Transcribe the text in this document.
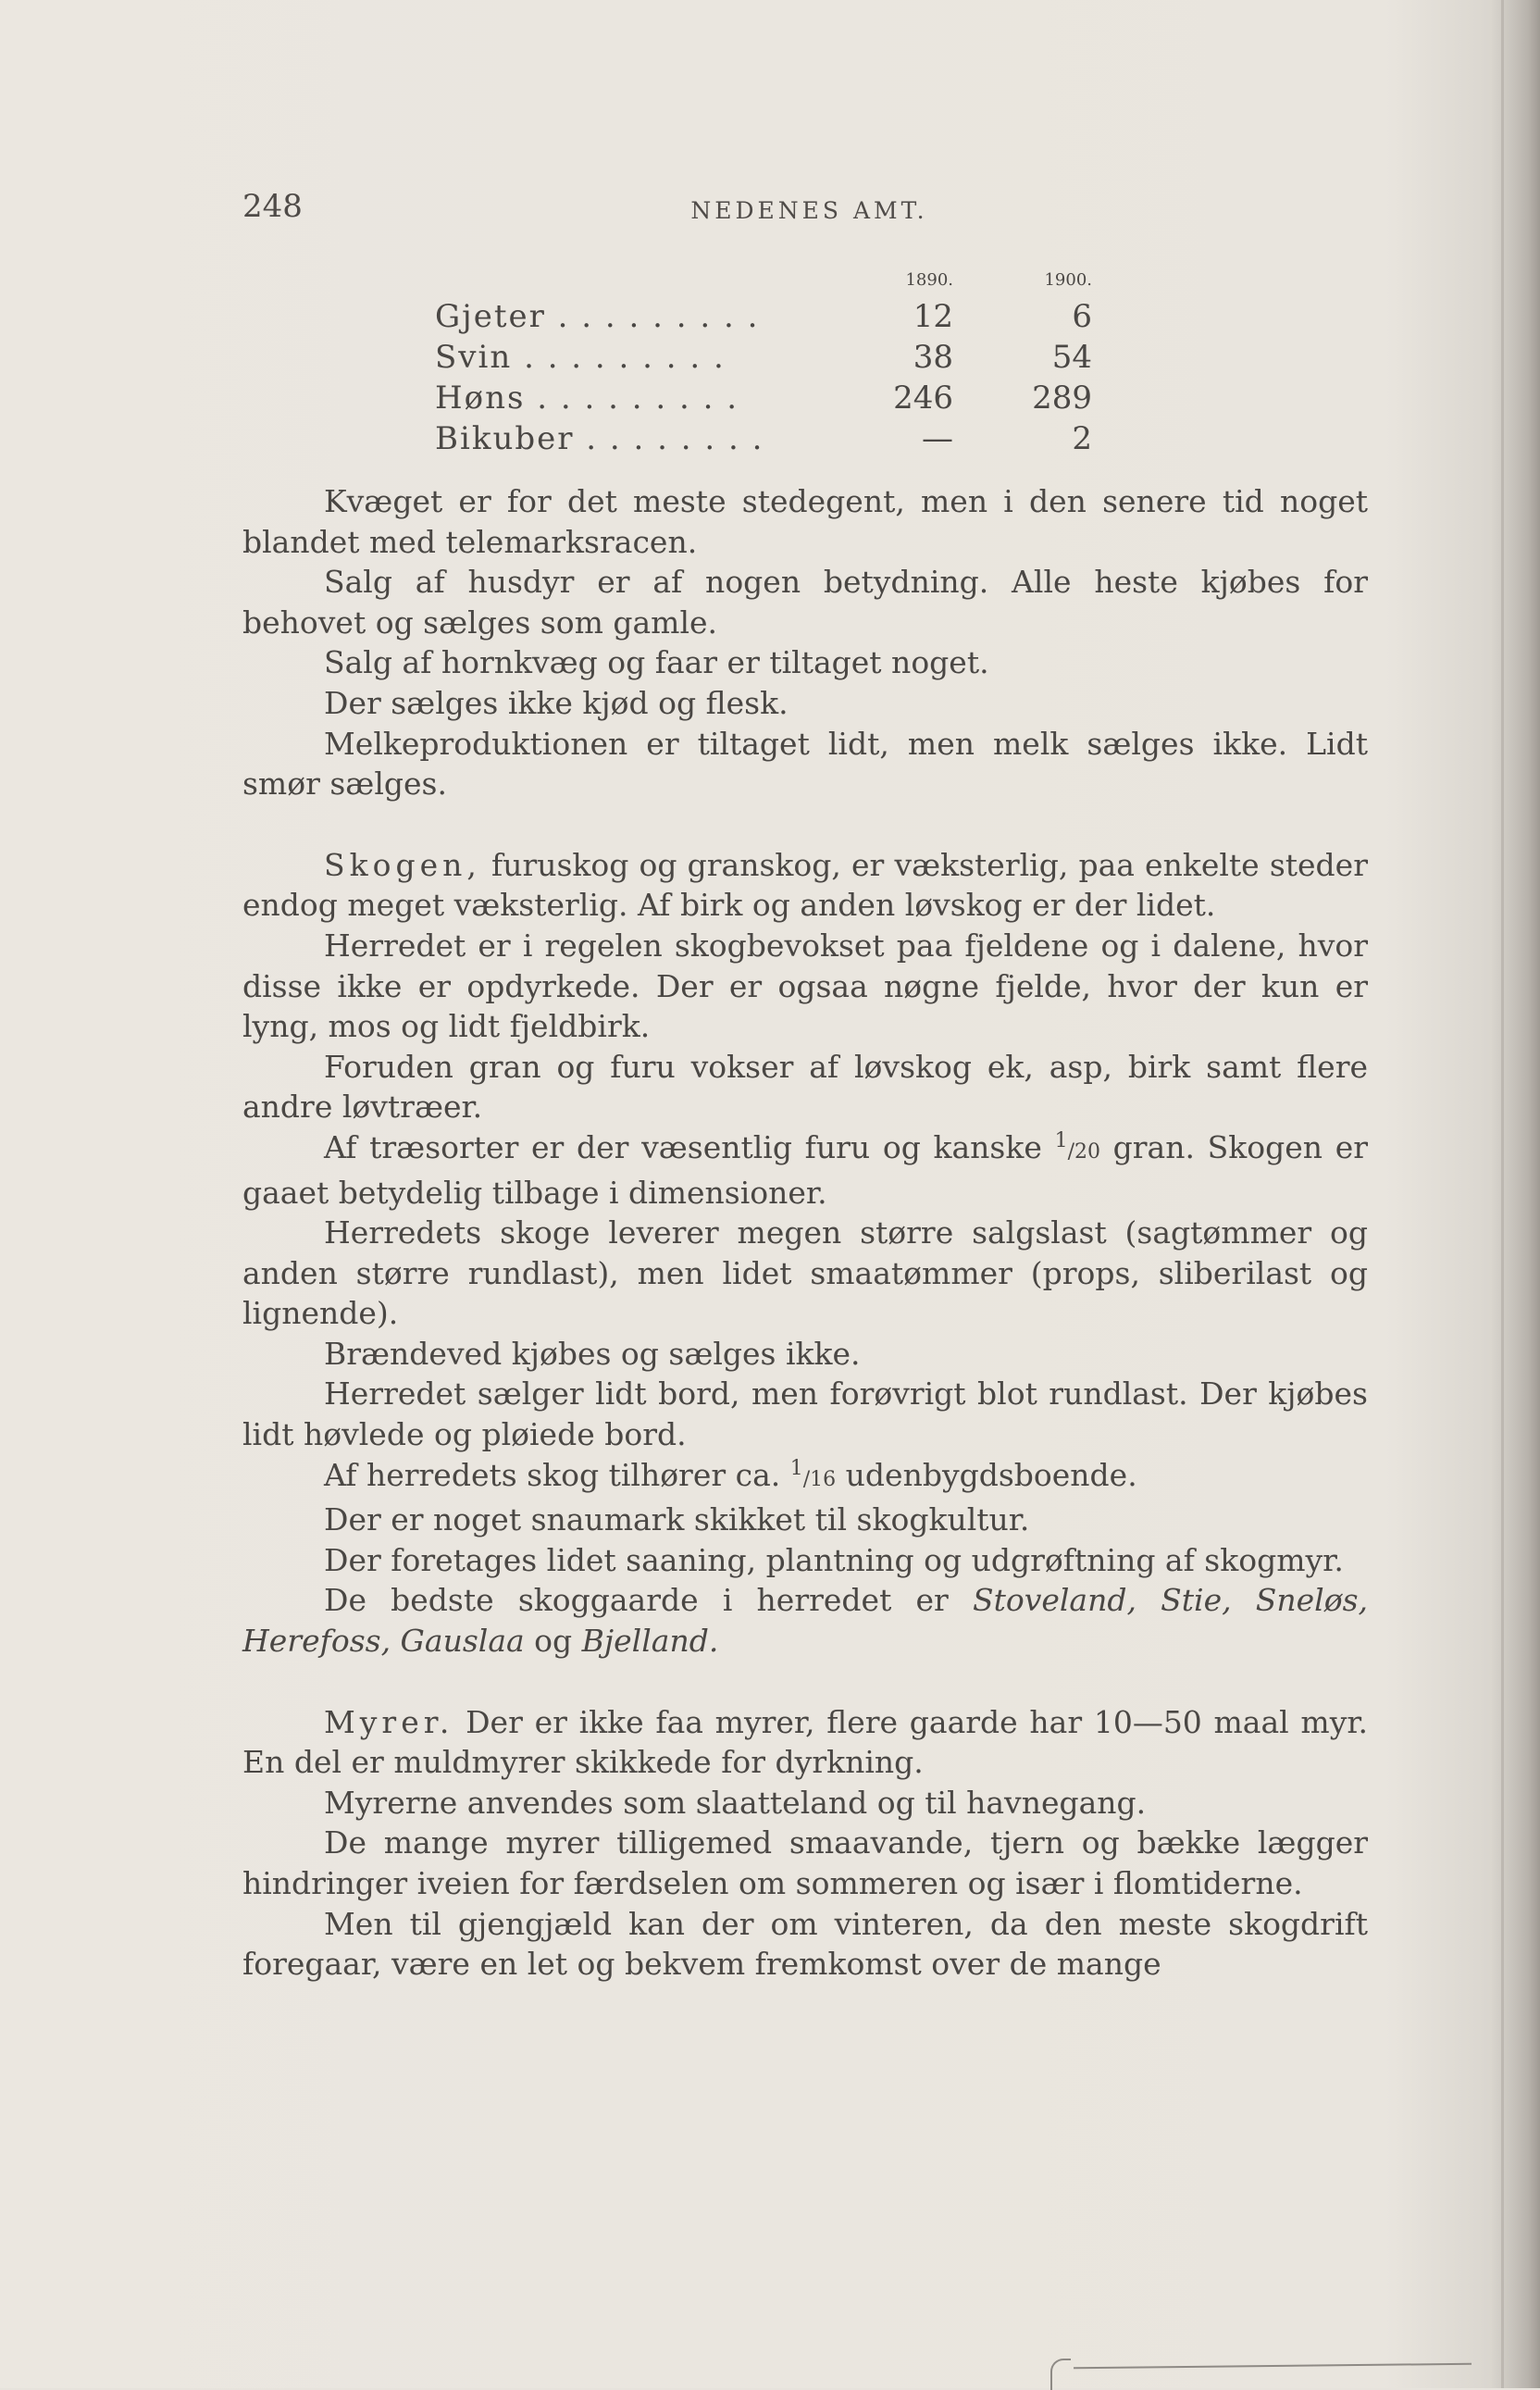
248	NEDENES AMT.
1890.	1900.
Gjeter . . . . . . . . .	12	6
Svin . . . . . . . . .	38	54
Høns . . . . . . . . .	246	289
Bikuber . . . . . . . .	—	2

Kvæget er for det meste stedegent, men i den senere tid noget blandet med telemarksracen.

Salg af husdyr er af nogen betydning. Alle heste kjøbes for behovet og sælges som gamle.

Salg af hornkvæg og faar er tiltaget noget.

Der sælges ikke kjød og flesk.

Melkeproduktionen er tiltaget lidt, men melk sælges ikke. Lidt smør sælges.

Skogen, furuskog og granskog, er væksterlig, paa enkelte steder endog meget væksterlig. Af birk og anden løvskog er der lidet.

Herredet er i regelen skogbevokset paa fjeldene og i dalene, hvor disse ikke er opdyrkede. Der er ogsaa nøgne fjelde, hvor der kun er lyng, mos og lidt fjeldbirk.

Foruden gran og furu vokser af løvskog ek, asp, birk samt flere andre løvtræer.

Af træsorter er der væsentlig furu og kanske $^1$/20 gran. Skogen er gaaet betydelig tilbage i dimensioner.

Herredets skoge leverer megen større salgslast (sagtømmer og anden større rundlast), men lidet smaatømmer (props, sliberilast og lignende).

Brændeved kjøbes og sælges ikke.

Herredet sælger lidt bord, men forøvrigt blot rundlast. Der kjøbes lidt høvlede og pløiede bord.

Af herredets skog tilhører ca. $^1$/16 udenbygdsboende.

Der er noget snaumark skikket til skogkultur.

Der foretages lidet saaning, plantning og udgrøftning af skogmyr.

De bedste skoggaarde i herredet er Stoveland, Stie, Sneløs, Herefoss, Gauslaa og Bjelland.

Myrer. Der er ikke faa myrer, flere gaarde har 10—50 maal myr. En del er muldmyrer skikkede for dyrkning.

Myrerne anvendes som slaatteland og til havnegang.

De mange myrer tilligemed smaavande, tjern og bække lægger hindringer iveien for færdselen om sommeren og især i flomtiderne.

Men til gjengjæld kan der om vinteren, da den meste skogdrift foregaar, være en let og bekvem fremkomst over de mange
